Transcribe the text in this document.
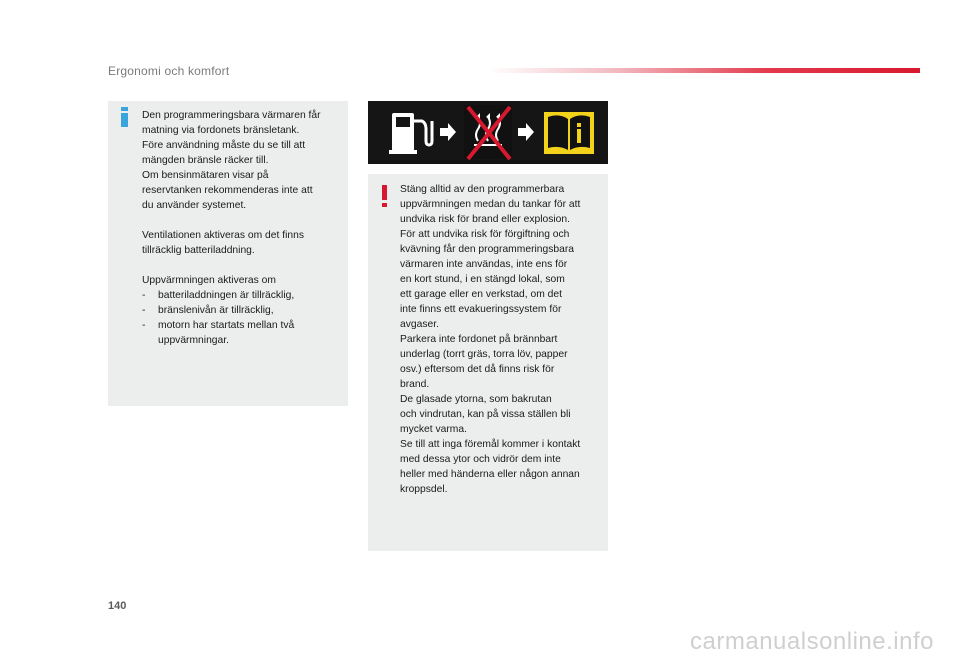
Ergonomi och komfort

Den programmeringsbara värmaren får
matning via fordonets bränsletank.
Före användning måste du se till att
mängden bränsle räcker till.
Om bensinmätaren visar på
reservtanken rekommenderas inte att
du använder systemet.

Ventilationen aktiveras om det finns
tillräcklig batteriladdning.

Uppvärmningen aktiveras om

- batteriladdningen är tillräcklig,
- bränslenivån är tillräcklig,
- motorn har startats mellan två
uppvärmningar.

Stäng alltid av den programmerbara
uppvärmningen medan du tankar för att
undvika risk för brand eller explosion.
För att undvika risk för förgiftning och
kvävning får den programmeringsbara
värmaren inte användas, inte ens för
en kort stund, i en stängd lokal, som
ett garage eller en verkstad, om det
inte finns ett evakueringssystem för
avgaser.
Parkera inte fordonet på brännbart
underlag (torrt gräs, torra löv, papper
osv.) eftersom det då finns risk för
brand.
De glasade ytorna, som bakrutan
och vindrutan, kan på vissa ställen bli
mycket varma.
Se till att inga föremål kommer i kontakt
med dessa ytor och vidrör dem inte
heller med händerna eller någon annan
kroppsdel.

140
carmanualsonline.info
